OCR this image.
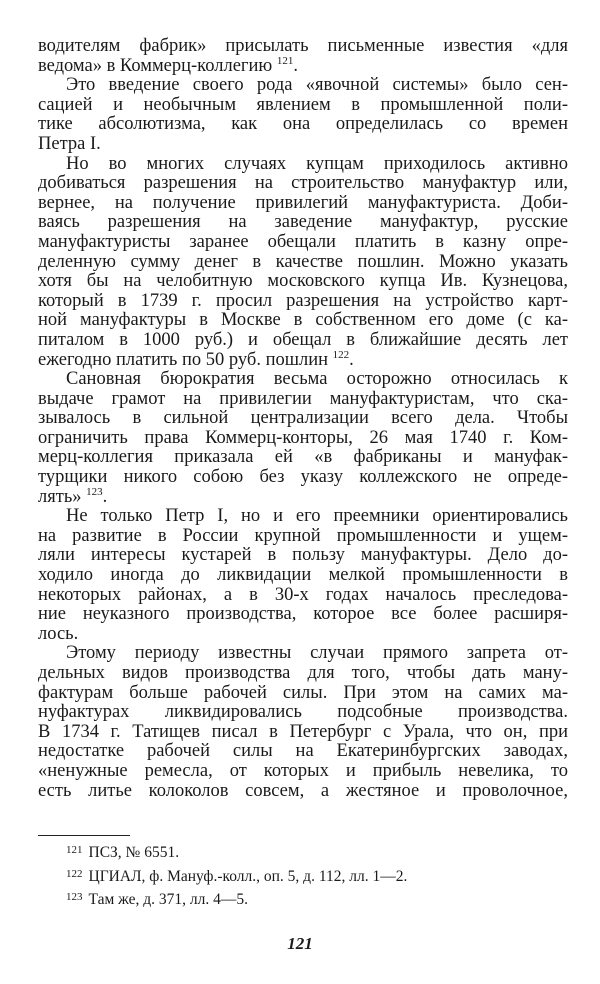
водителям фабрик» присылать письменные известия «для
ведома» в Коммерц-коллегию $^{121}$.
Это введение своего рода «явочной системы» было сен-
сацией и необычным явлением в промышленной поли-
тике абсолютизма, как она определилась со времен
Петра I.
Но во многих случаях купцам приходилось активно
добиваться разрешения на строительство мануфактур или,
вернее, на получение привилегий мануфактуриста. Доби-
ваясь разрешения на заведение мануфактур, русские
мануфактуристы заранее обещали платить в казну опре-
деленную сумму денег в качестве пошлин. Можно указать
хотя бы на челобитную московского купца Ив. Кузнецова,
который в 1739 г. просил разрешения на устройство карт-
ной мануфактуры в Москве в собственном его доме (с ка-
питалом в 1000 руб.) и обещал в ближайшие десять лет
ежегодно платить по 50 руб. пошлин $^{122}$.
Сановная бюрократия весьма осторожно относилась к
выдаче грамот на привилегии мануфактуристам, что ска-
зывалось в сильной централизации всего дела. Чтобы
ограничить права Коммерц-конторы, 26 мая 1740 г. Ком-
мерц-коллегия приказала ей «в фабриканы и мануфак-
турщики никого собою без указу коллежского не опреде-
лять» $^{123}$.
Не только Петр I, но и его преемники ориентировались
на развитие в России крупной промышленности и ущем-
ляли интересы кустарей в пользу мануфактуры. Дело до-
ходило иногда до ликвидации мелкой промышленности в
некоторых районах, а в 30-х годах началось преследова-
ние неуказного производства, которое все более расширя-
лось.
Этому периоду известны случаи прямого запрета от-
дельных видов производства для того, чтобы дать ману-
фактурам больше рабочей силы. При этом на самих ма-
нуфактурах ликвидировались подсобные производства.
В 1734 г. Татищев писал в Петербург с Урала, что он, при
недостатке рабочей силы на Екатеринбургских заводах,
«ненужные ремесла, от которых и прибыль невелика, то
есть литье колоколов совсем, а жестяное и проволочное,
$^{121}$ ПСЗ, № 6551.
$^{122}$ ЦГИАЛ, ф. Мануф.-колл., оп. 5, д. 112, лл. 1—2.
$^{123}$ Там же, д. 371, лл. 4—5.
121
